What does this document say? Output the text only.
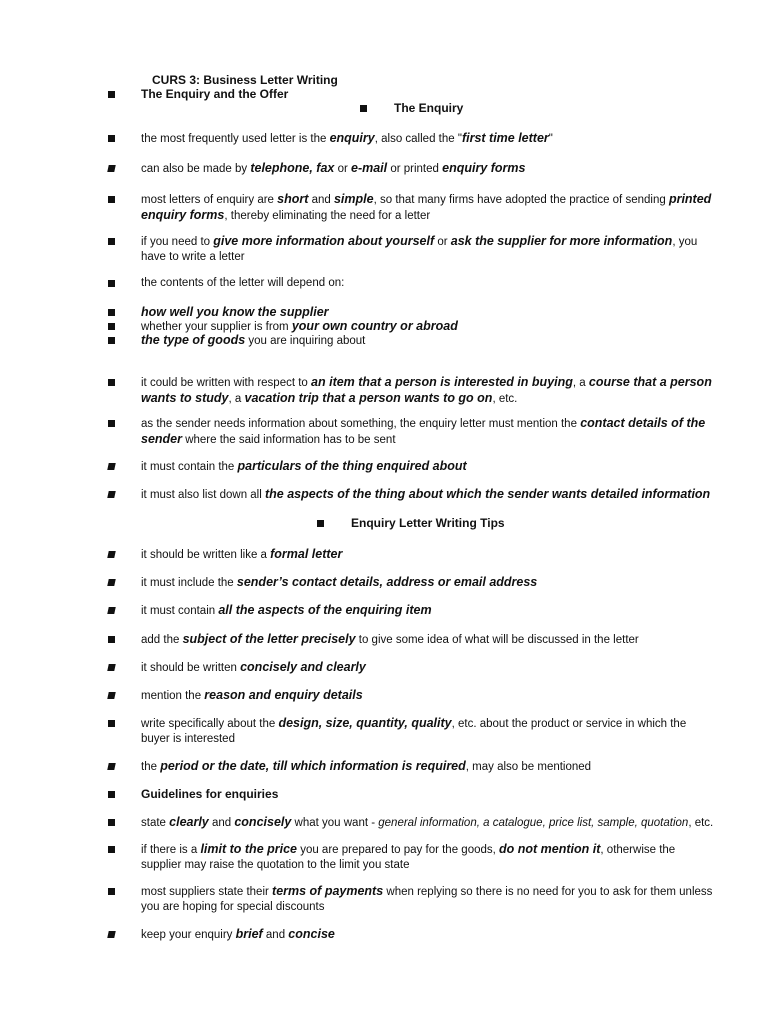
CURS 3: Business Letter Writing
The Enquiry and the Offer
The Enquiry
the most frequently used letter is the enquiry, also called the "first time letter"
can also be made by telephone, fax or e-mail or printed enquiry forms
most letters of enquiry are short and simple, so that many firms have adopted the practice of sending printed enquiry forms, thereby eliminating the need for a letter
if you need to give more information about yourself or ask the supplier for more information, you have to write a letter
the contents of the letter will depend on:
how well you know the supplier
whether your supplier is from your own country or abroad
the type of goods you are inquiring about
it could be written with respect to an item that a person is interested in buying, a course that a person wants to study, a vacation trip that a person wants to go on, etc.
as the sender needs information about something, the enquiry letter must mention the contact details of the sender where the said information has to be sent
it must contain the particulars of the thing enquired about
it must also list down all the aspects of the thing about which the sender wants detailed information
Enquiry Letter Writing Tips
it should be written like a formal letter
it must include the sender’s contact details, address or email address
it must contain all the aspects of the enquiring item
add the subject of the letter precisely to give some idea of what will be discussed in the letter
it should be written concisely and clearly
mention the reason and enquiry details
write specifically about the design, size, quantity, quality, etc. about the product or service in which the buyer is interested
the period or the date, till which information is required, may also be mentioned
Guidelines for enquiries
state clearly and concisely what you want - general information, a catalogue, price list, sample, quotation, etc.
if there is a limit to the price you are prepared to pay for the goods, do not mention it, otherwise the supplier may raise the quotation to the limit you state
most suppliers state their terms of payments when replying so there is no need for you to ask for them unless you are hoping for special discounts
keep your enquiry brief and concise
